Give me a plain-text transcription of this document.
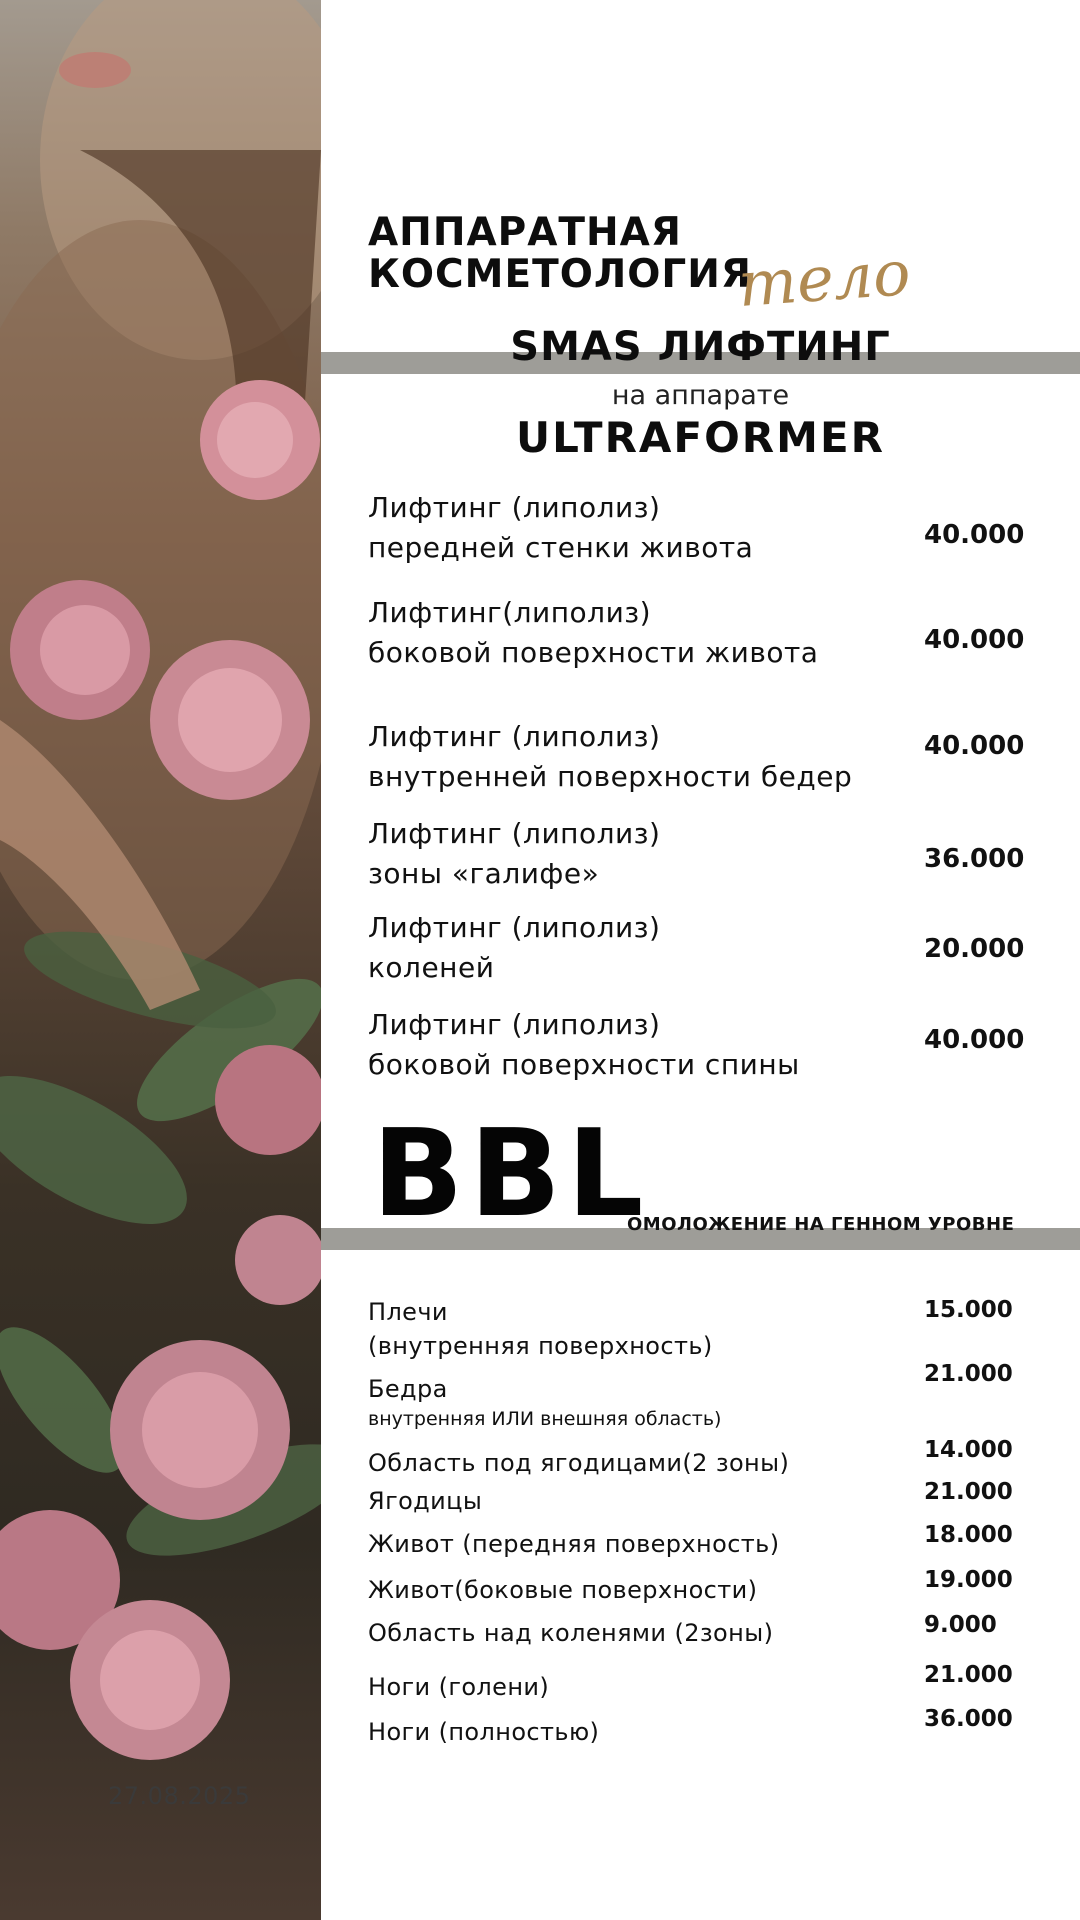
27.08.2025
АППАРАТНАЯ
КОСМЕТОЛОГИЯ
тело
SMAS ЛИФТИНГ
на аппарате
ULTRAFORMER
Лифтинг (липолиз)
передней стенки живота	40.000
Лифтинг(липолиз)
боковой поверхности живота	40.000
Лифтинг (липолиз)
внутренней поверхности бедер
40.000
Лифтинг (липолиз)
зоны «галифе»	36.000
Лифтинг (липолиз)
коленей
20.000
Лифтинг (липолиз)
боковой поверхности спины
40.000
BBL
ОМОЛОЖЕНИЕ НА ГЕННОМ УРОВНЕ
Плечи
(внутренняя поверхность)
15.000
Бедра
внутренняя ИЛИ внешняя область)
21.000
Область под ягодицами(2 зоны)	14.000
Ягодицы	21.000
Живот (передняя поверхность)	18.000
Живот(боковые поверхности)	19.000
Область над коленями (2зоны)	9.000
Ноги (голени)	21.000
Ноги (полностью)	36.000
